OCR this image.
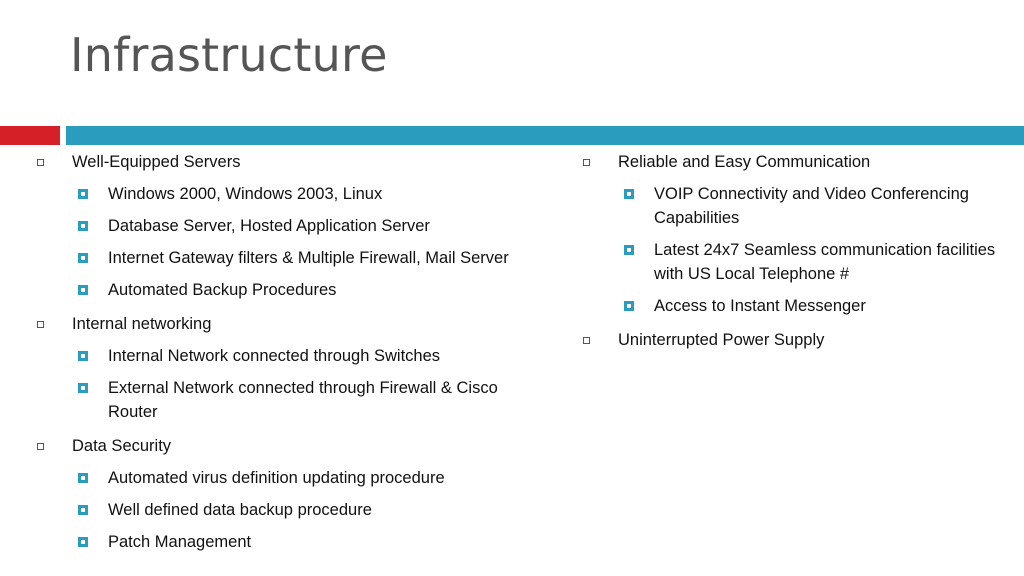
Infrastructure
Well-Equipped Servers
Windows 2000, Windows 2003, Linux
Database Server, Hosted Application Server
Internet Gateway filters & Multiple Firewall, Mail Server
Automated Backup Procedures
Internal networking
Internal Network connected through Switches
External Network connected through Firewall & Cisco Router
Data Security
Automated virus definition updating procedure
Well defined data backup procedure
Patch Management
Reliable and Easy Communication
VOIP Connectivity and Video Conferencing Capabilities
Latest 24x7 Seamless communication facilities with US Local Telephone #
Access to Instant Messenger
Uninterrupted Power Supply
